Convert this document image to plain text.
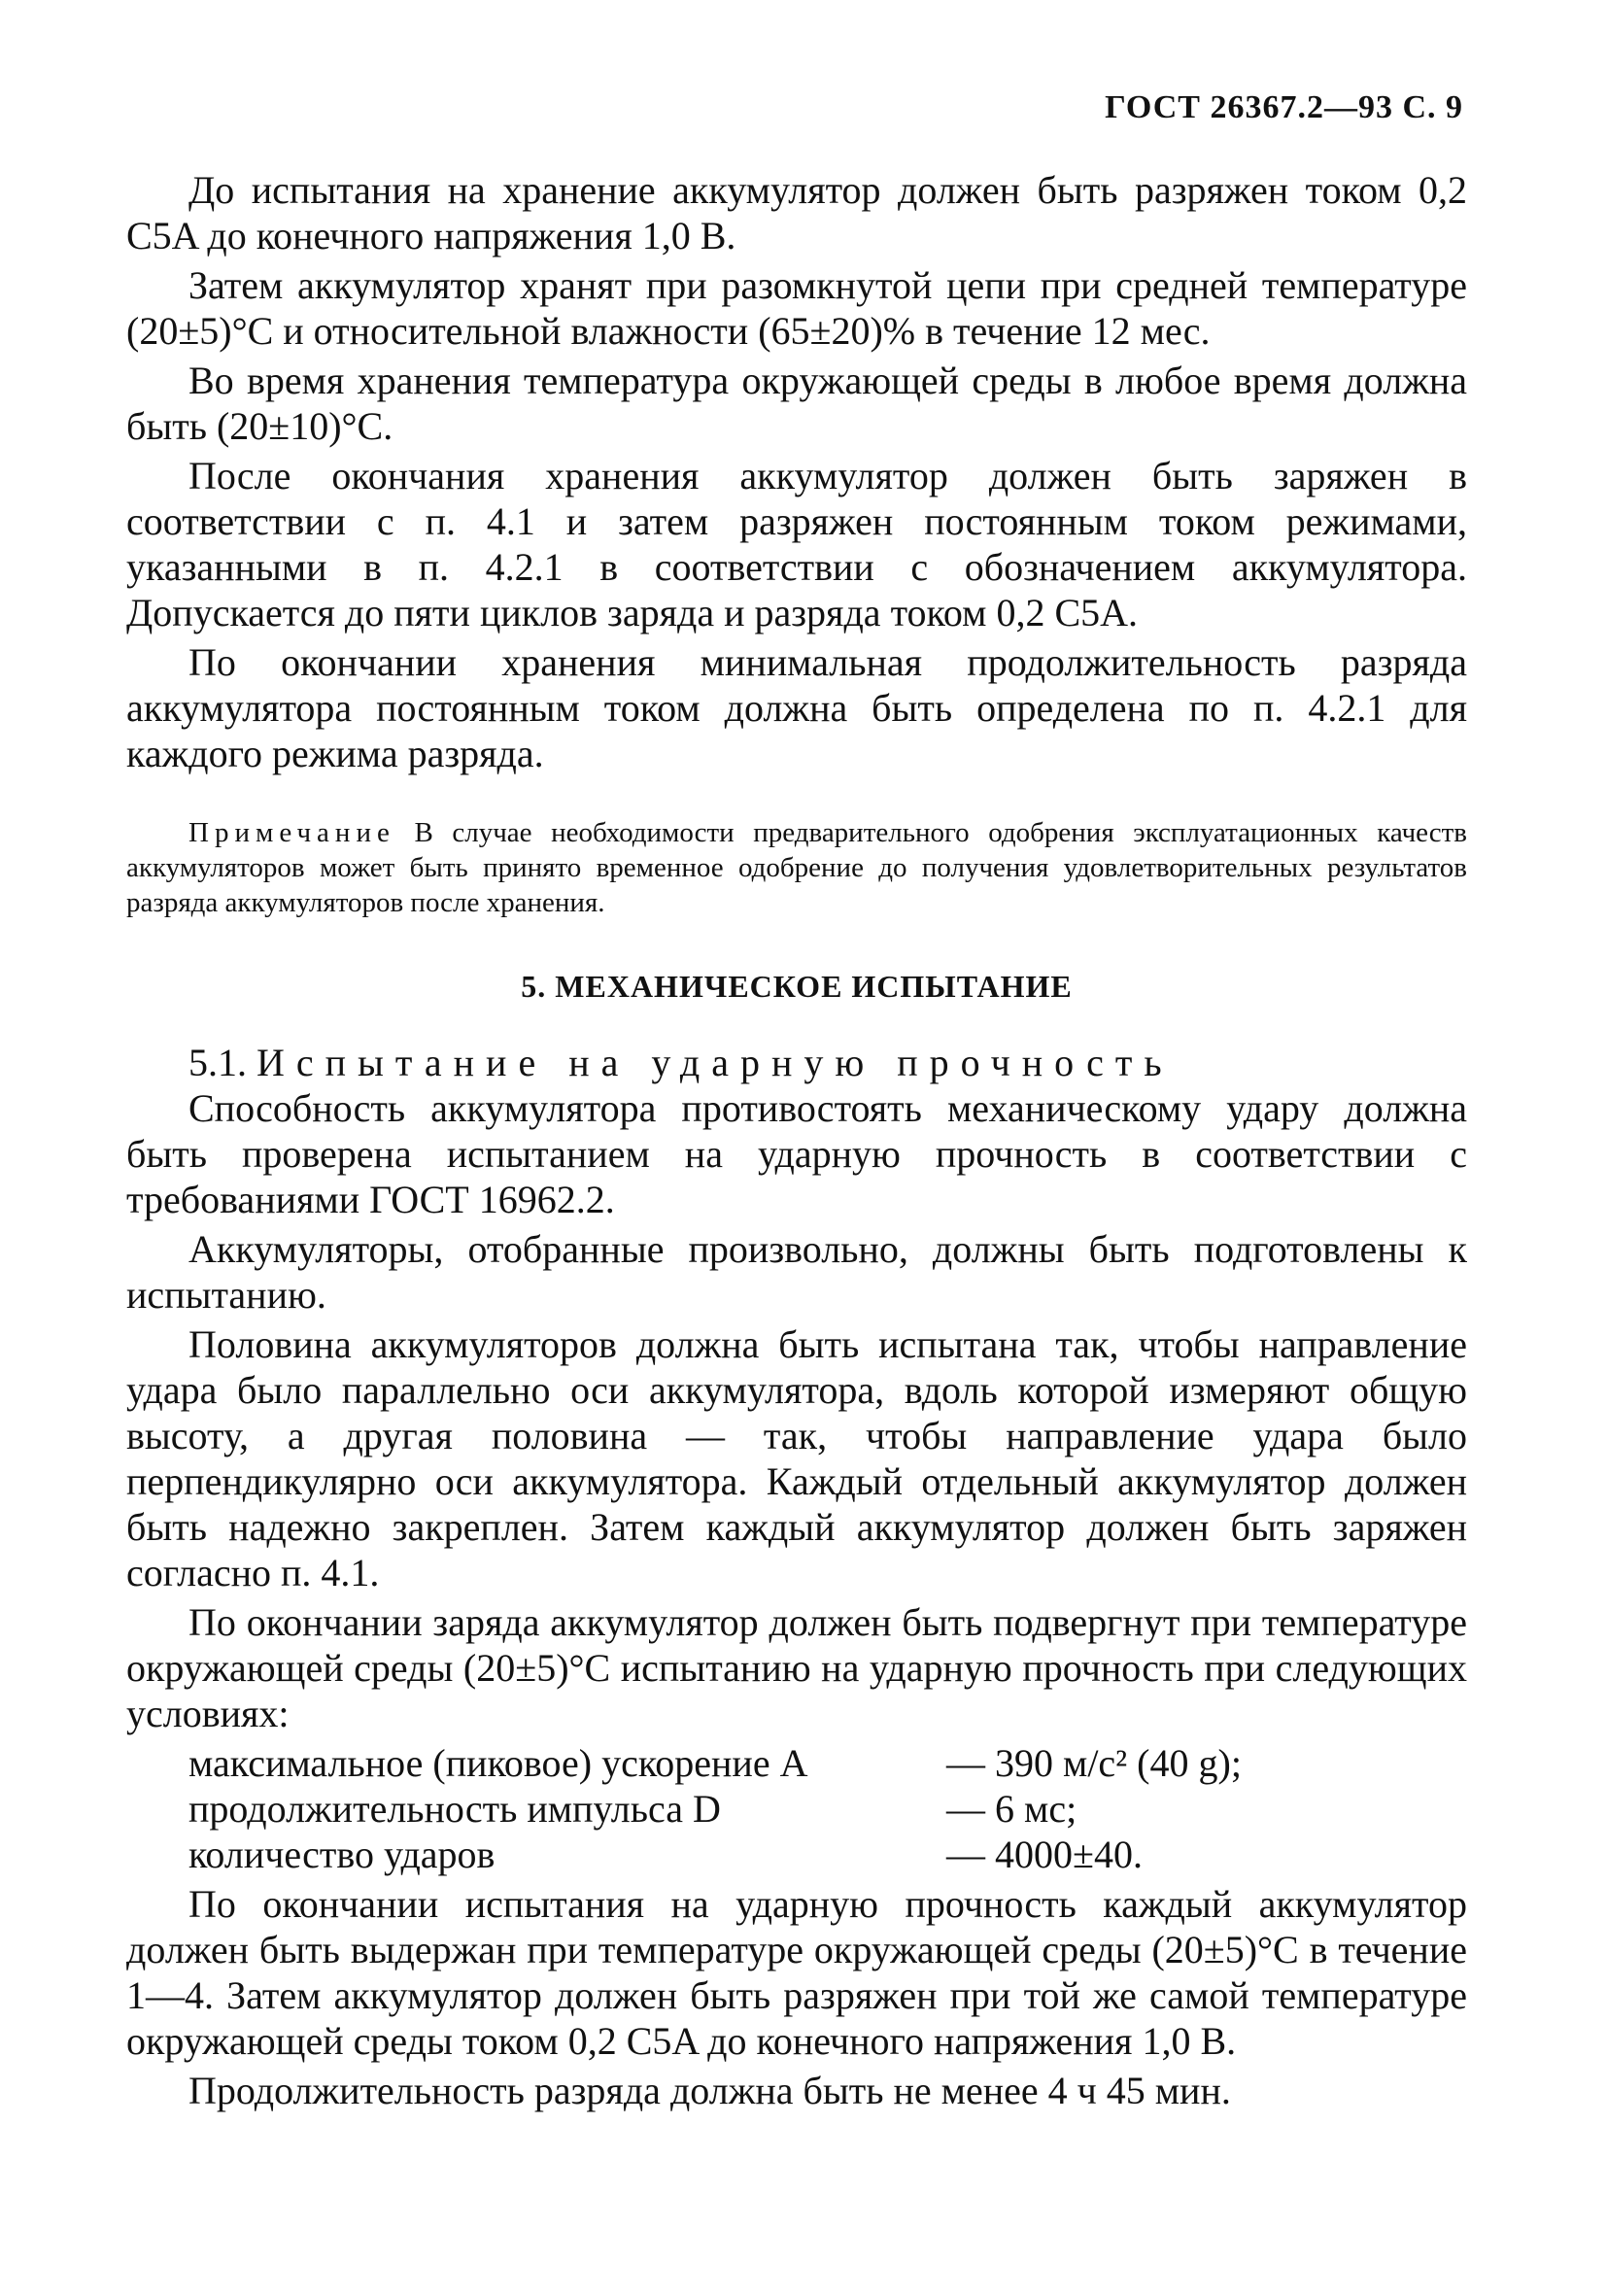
ГОСТ 26367.2—93 С. 9

До испытания на хранение аккумулятор должен быть разряжен током 0,2 C5A до конечного напряжения 1,0 В.

Затем аккумулятор хранят при разомкнутой цепи при средней температуре (20±5)°С и относительной влажности (65±20)% в течение 12 мес.

Во время хранения температура окружающей среды в любое время должна быть (20±10)°С.

После окончания хранения аккумулятор должен быть заряжен в соответствии с п. 4.1 и затем разряжен постоянным током режимами, указанными в п. 4.2.1 в соответствии с обозначением аккумулятора. Допускается до пяти циклов заряда и разряда током 0,2 C5A.

По окончании хранения минимальная продолжительность разряда аккумулятора постоянным током должна быть определена по п. 4.2.1 для каждого режима разряда.

Примечание В случае необходимости предварительного одобрения эксплуатационных качеств аккумуляторов может быть принято временное одобрение до получения удовлетворительных результатов разряда аккумуляторов после хранения.

5. МЕХАНИЧЕСКОЕ ИСПЫТАНИЕ

5.1. Испытание на ударную прочность

Способность аккумулятора противостоять механическому удару должна быть проверена испытанием на ударную прочность в соответствии с требованиями ГОСТ 16962.2.

Аккумуляторы, отобранные произвольно, должны быть подготовлены к испытанию.

Половина аккумуляторов должна быть испытана так, чтобы направление удара было параллельно оси аккумулятора, вдоль которой измеряют общую высоту, а другая половина — так, чтобы направление удара было перпендикулярно оси аккумулятора. Каждый отдельный аккумулятор должен быть надежно закреплен. Затем каждый аккумулятор должен быть заряжен согласно п. 4.1.

По окончании заряда аккумулятор должен быть подвергнут при температуре окружающей среды (20±5)°С испытанию на ударную прочность при следующих условиях:

максимальное (пиковое) ускорение А	— 390 м/с² (40 g);
продолжительность импульса D	— 6 мс;
количество ударов	— 4000±40.

По окончании испытания на ударную прочность каждый аккумулятор должен быть выдержан при температуре окружающей среды (20±5)°С в течение 1—4. Затем аккумулятор должен быть разряжен при той же самой температуре окружающей среды током 0,2 C5A до конечного напряжения 1,0 В.

Продолжительность разряда должна быть не менее 4 ч 45 мин.
